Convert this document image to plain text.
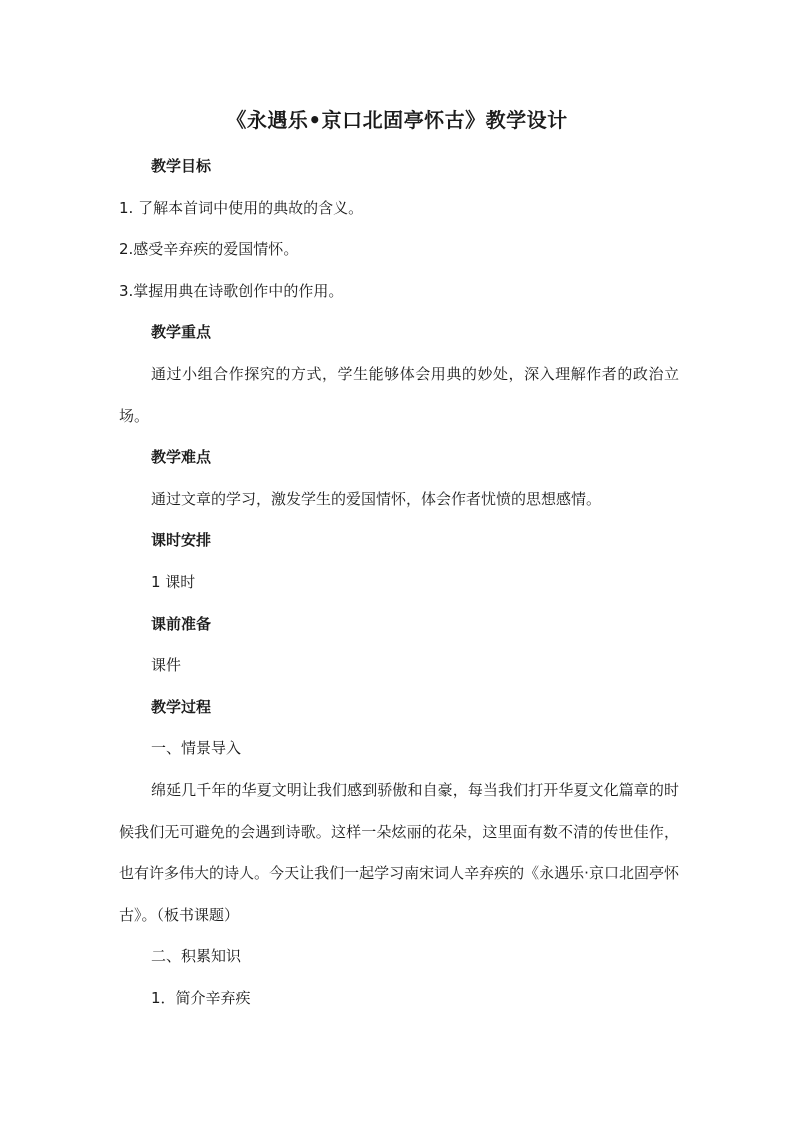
《永遇乐•京口北固亭怀古》教学设计
教学目标
1. 了解本首词中使用的典故的含义。
2.感受辛弃疾的爱国情怀。
3.掌握用典在诗歌创作中的作用。
教学重点
通过小组合作探究的方式，学生能够体会用典的妙处，深入理解作者的政治立场。
教学难点
通过文章的学习，激发学生的爱国情怀，体会作者忧愤的思想感情。
课时安排
1 课时
课前准备
课件
教学过程
一、情景导入
绵延几千年的华夏文明让我们感到骄傲和自豪，每当我们打开华夏文化篇章的时候我们无可避免的会遇到诗歌。这样一朵炫丽的花朵，这里面有数不清的传世佳作，也有许多伟大的诗人。今天让我们一起学习南宋词人辛弃疾的《永遇乐·京口北固亭怀古》。（板书课题）
二、积累知识
1．简介辛弃疾
